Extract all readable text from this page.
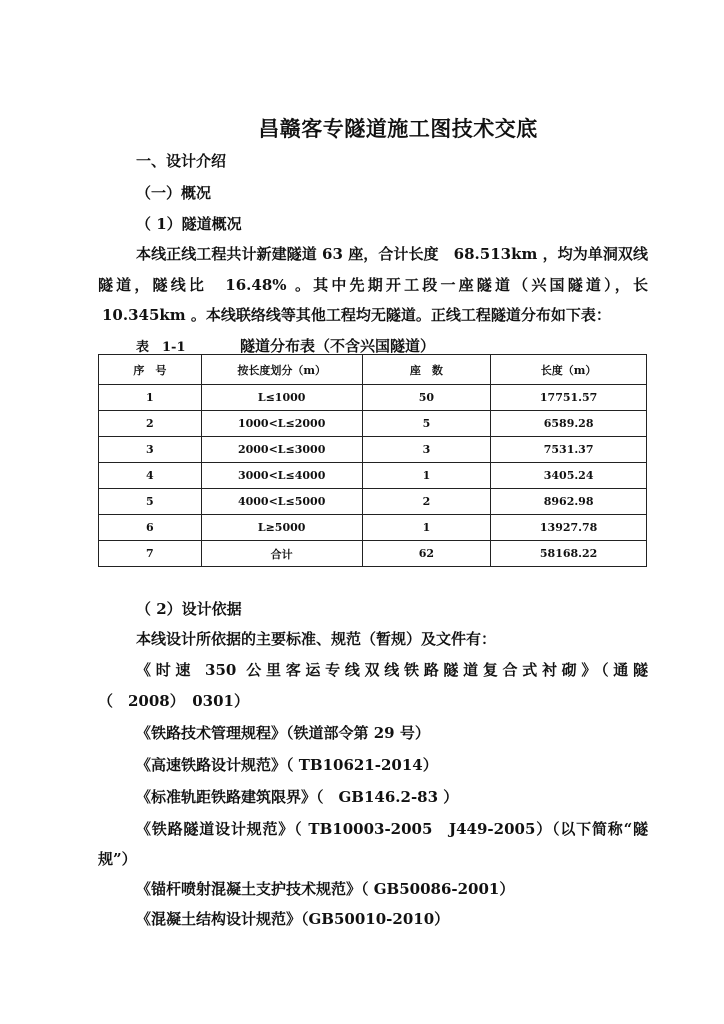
昌赣客专隧道施工图技术交底
一、设计介绍
（一）概况
（ 1）隧道概况
本线正线工程共计新建隧道 63 座，合计长度　68.513km ，均为单洞双线
隧道，隧线比　16.48% 。其中先期开工段一座隧道（兴国隧道），长
10.345km 。本线联络线等其他工程均无隧道。正线工程隧道分布如下表：
表　1-1	隧道分布表（不含兴国隧道）
序　号	按长度划分（m）	座　数	长度（m）
1	L≤1000	50	17751.57
2	1000<L≤2000	5	6589.28
3	2000<L≤3000	3	7531.37
4	3000<L≤4000	1	3405.24
5	4000<L≤5000	2	8962.98
6	L≥5000	1	13927.78
7	合计	62	58168.22
（ 2）设计依据
本线设计所依据的主要标准、规范（暂规）及文件有：
《时速 350 公里客运专线双线铁路隧道复合式衬砌》（通隧
（　2008）　0301）
《铁路技术管理规程》（铁道部令第 29 号）
《高速铁路设计规范》（ TB10621-2014）
《标准轨距铁路建筑限界》（　GB146.2-83 ）
《铁路隧道设计规范》（ TB10003-2005　J449-2005）（以下简称“隧
规”）
《锚杆喷射混凝土支护技术规范》（ GB50086-2001）
《混凝土结构设计规范》（GB50010-2010）
